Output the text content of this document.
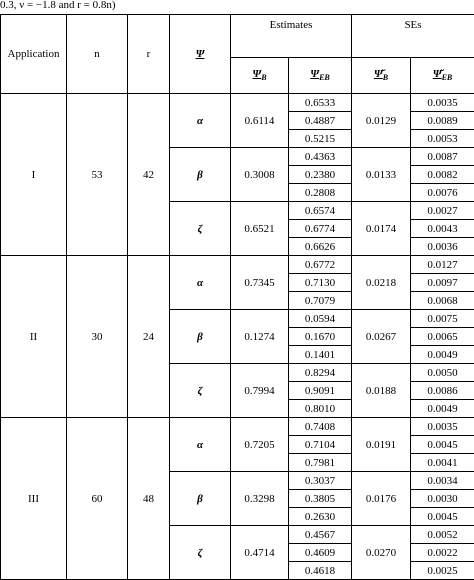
0.3, ν = −1.8 and r = 0.8n)
Application	n	r	Ψ	Estimates		SEs	
				$\Psi_B$	$\Psi_{EB}$	$\Psĭ_B$	$\Psĭ_{EB}$
I	53	42	α	0.6114	0.6533	0.0129	0.0035
					0.4887		0.0089
					0.5215		0.0053
			β	0.3008	0.4363	0.0133	0.0087
					0.2380		0.0082
					0.2808		0.0076
			ζ	0.6521	0.6574	0.0174	0.0027
					0.6774		0.0043
					0.6626		0.0036
II	30	24	α	0.7345	0.6772	0.0218	0.0127
					0.7130		0.0097
					0.7079		0.0068
			β	0.1274	0.0594	0.0267	0.0075
					0.1670		0.0065
					0.1401		0.0049
			ζ	0.7994	0.8294	0.0188	0.0050
					0.9091		0.0086
					0.8010		0.0049
III	60	48	α	0.7205	0.7408	0.0191	0.0035
					0.7104		0.0045
					0.7981		0.0041
			β	0.3298	0.3037	0.0176	0.0034
					0.3805		0.0030
					0.2630		0.0045
			ζ	0.4714	0.4567	0.0270	0.0052
					0.4609		0.0022
					0.4618		0.0025
